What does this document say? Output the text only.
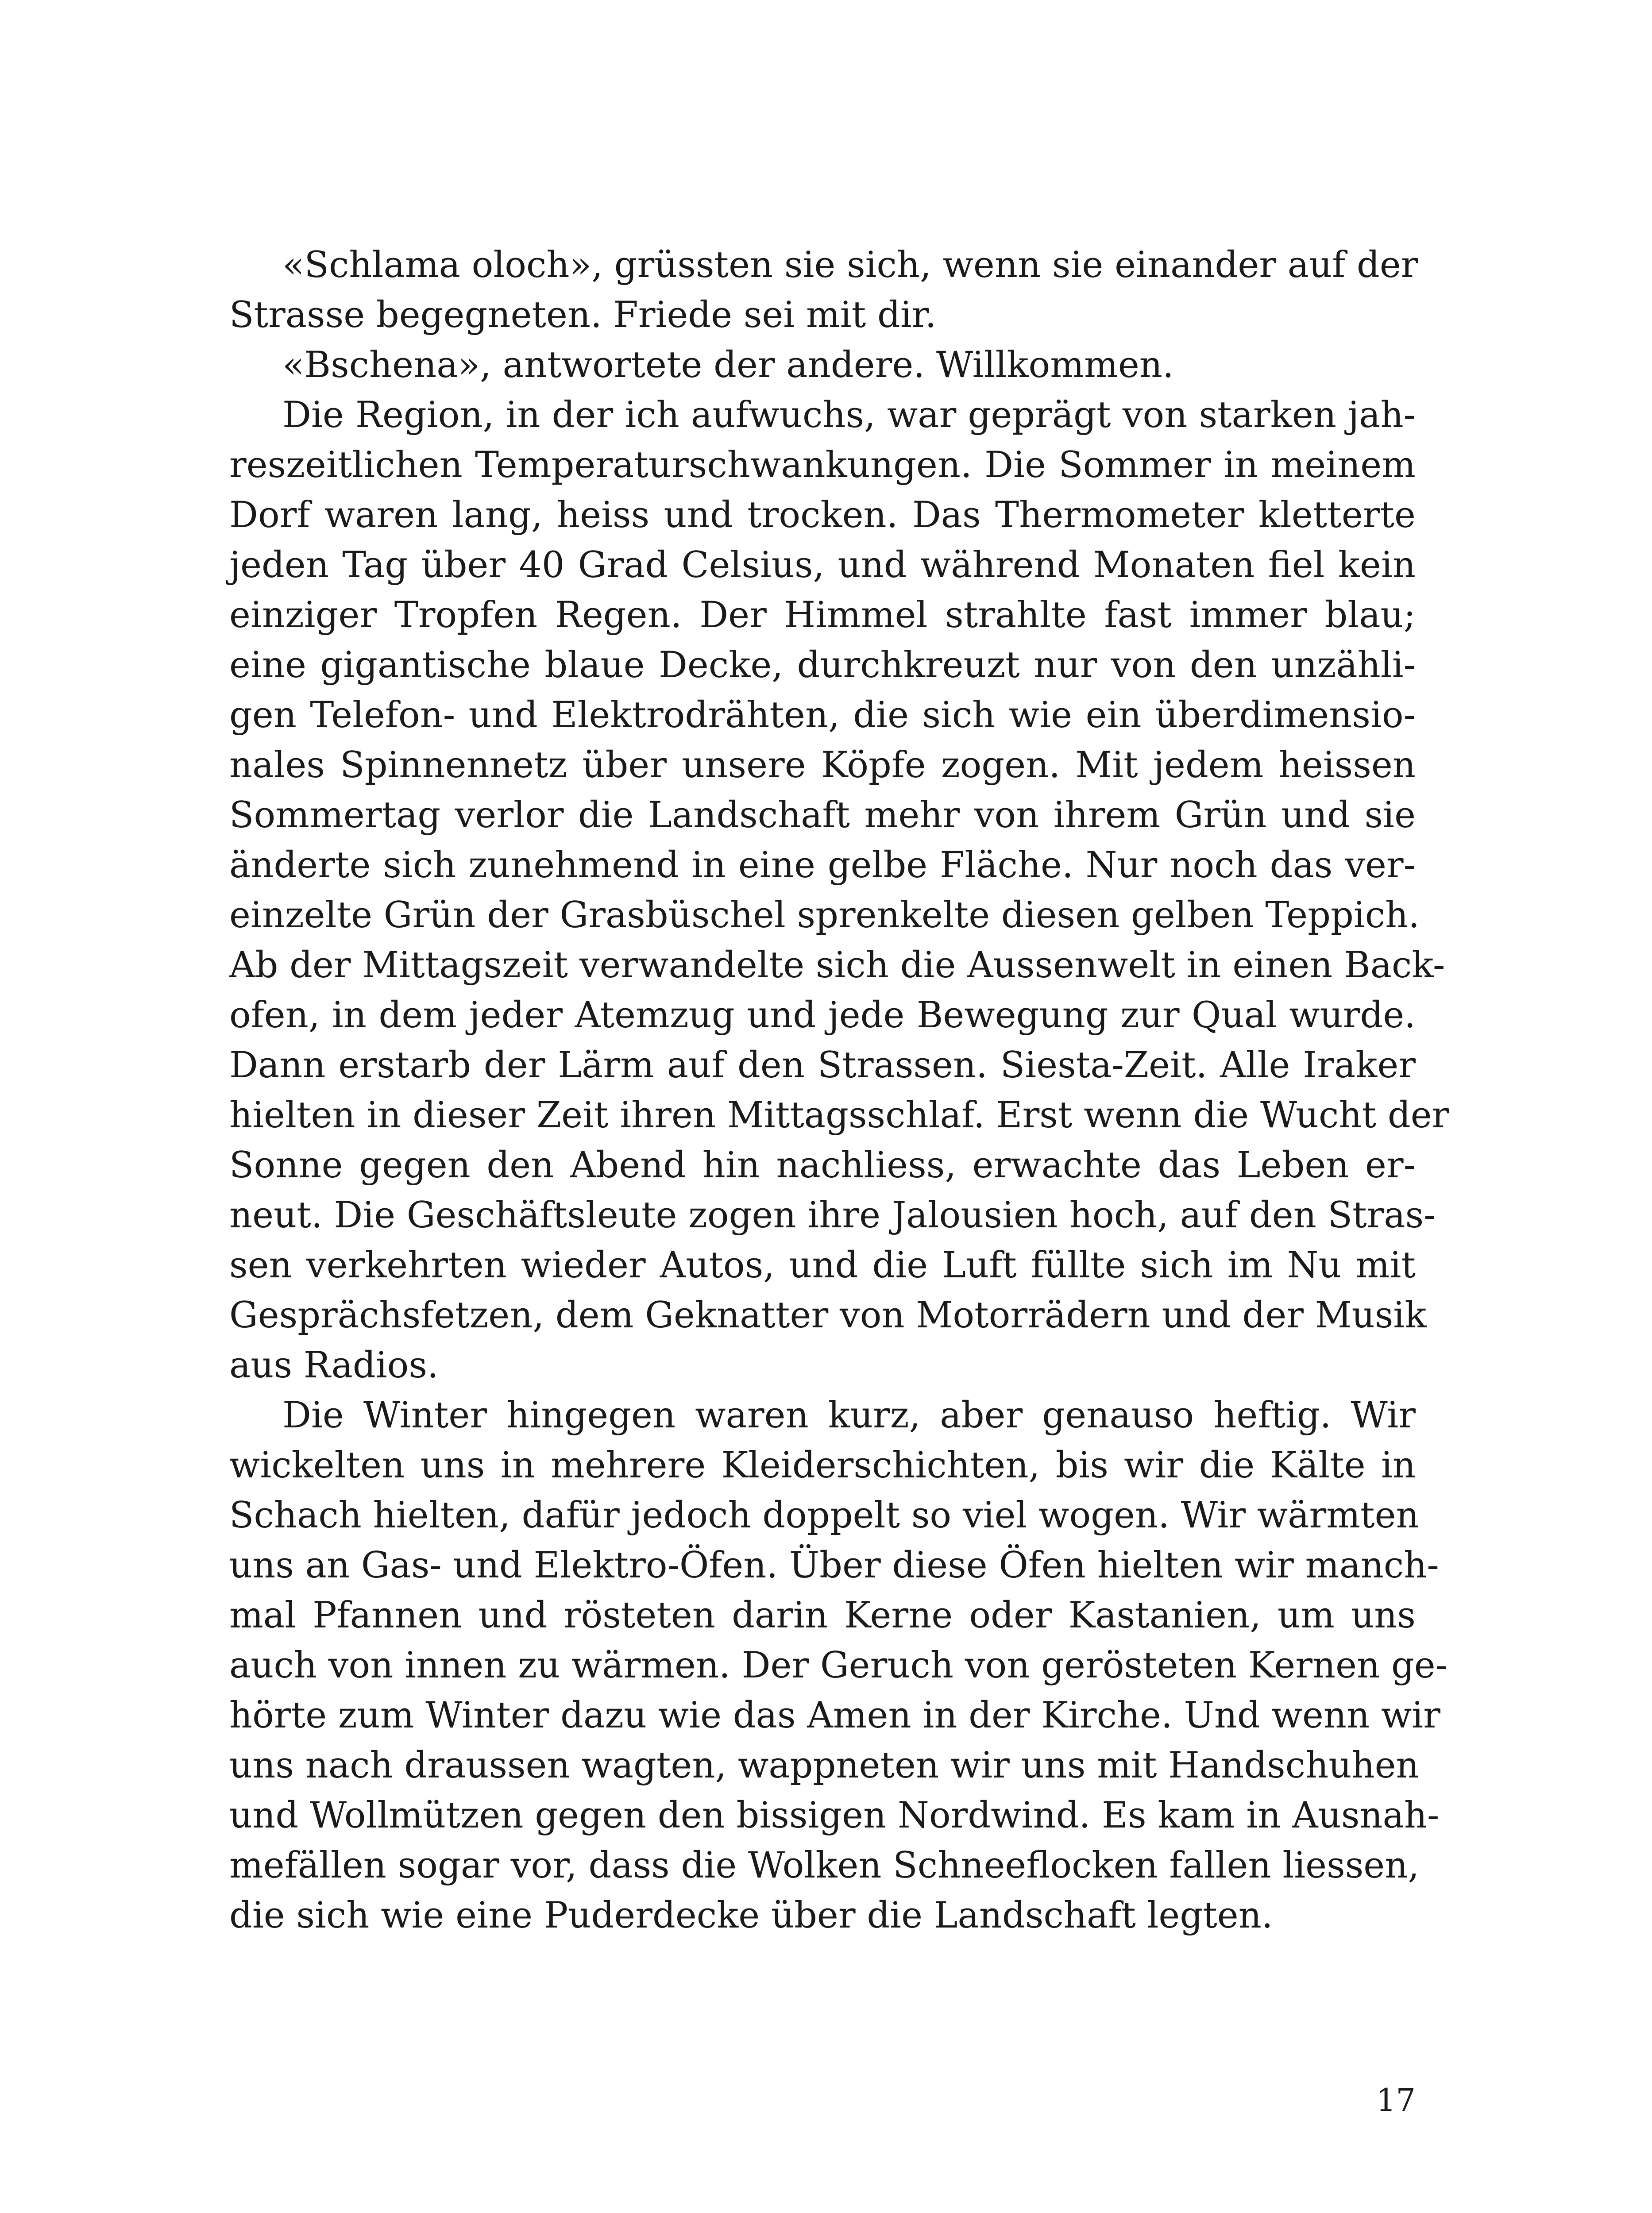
«Schlama oloch», grüssten sie sich, wenn sie einander auf der
Strasse begegneten. Friede sei mit dir.
«Bschena», antwortete der andere. Willkommen.
Die Region, in der ich aufwuchs, war geprägt von starken jah-
reszeitlichen Temperaturschwankungen. Die Sommer in meinem
Dorf waren lang, heiss und trocken. Das Thermometer kletterte
jeden Tag über 40 Grad Celsius, und während Monaten fiel kein
einziger Tropfen Regen. Der Himmel strahlte fast immer blau;
eine gigantische blaue Decke, durchkreuzt nur von den unzähli-
gen Telefon- und Elektrodrähten, die sich wie ein überdimensio-
nales Spinnennetz über unsere Köpfe zogen. Mit jedem heissen
Sommertag verlor die Landschaft mehr von ihrem Grün und sie
änderte sich zunehmend in eine gelbe Fläche. Nur noch das ver-
einzelte Grün der Grasbüschel sprenkelte diesen gelben Teppich.
Ab der Mittagszeit verwandelte sich die Aussenwelt in einen Back-
ofen, in dem jeder Atemzug und jede Bewegung zur Qual wurde.
Dann erstarb der Lärm auf den Strassen. Siesta-Zeit. Alle Iraker
hielten in dieser Zeit ihren Mittagsschlaf. Erst wenn die Wucht der
Sonne gegen den Abend hin nachliess, erwachte das Leben er-
neut. Die Geschäftsleute zogen ihre Jalousien hoch, auf den Stras-
sen verkehrten wieder Autos, und die Luft füllte sich im Nu mit
Gesprächsfetzen, dem Geknatter von Motorrädern und der Musik
aus Radios.
Die Winter hingegen waren kurz, aber genauso heftig. Wir
wickelten uns in mehrere Kleiderschichten, bis wir die Kälte in
Schach hielten, dafür jedoch doppelt so viel wogen. Wir wärmten
uns an Gas- und Elektro-Öfen. Über diese Öfen hielten wir manch-
mal Pfannen und rösteten darin Kerne oder Kastanien, um uns
auch von innen zu wärmen. Der Geruch von gerösteten Kernen ge-
hörte zum Winter dazu wie das Amen in der Kirche. Und wenn wir
uns nach draussen wagten, wappneten wir uns mit Handschuhen
und Wollmützen gegen den bissigen Nordwind. Es kam in Ausnah-
mefällen sogar vor, dass die Wolken Schneeflocken fallen liessen,
die sich wie eine Puderdecke über die Landschaft legten.
17
